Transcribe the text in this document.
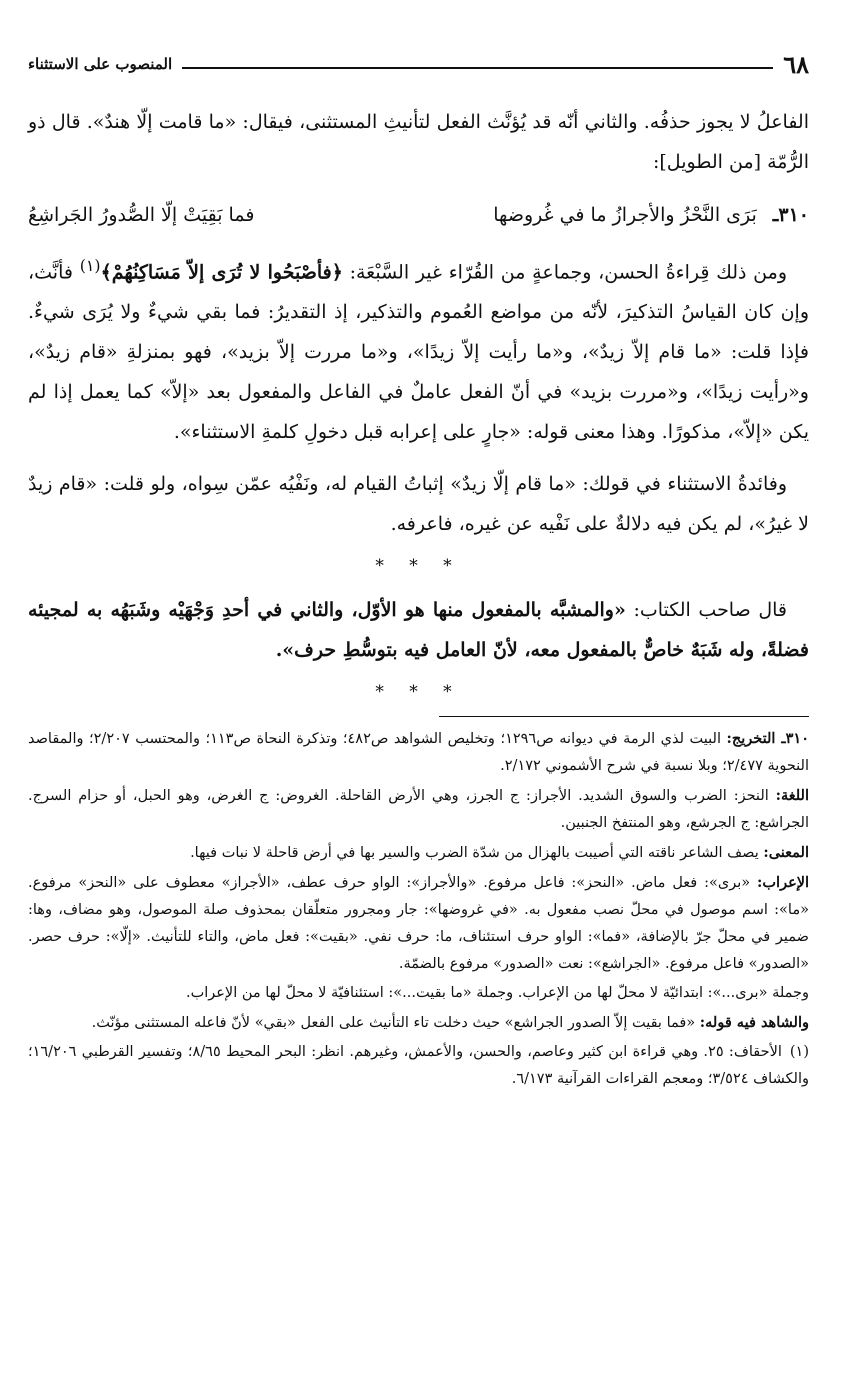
٦٨
المنصوب على الاستثناء

الفاعلُ لا يجوز حذفُه. والثاني أنّه قد يُؤنَّث الفعل لتأنيثِ المستثنى، فيقال: «ما قامت إلّا هندٌ». قال ذو الرُّمّة [من الطويل]:

٣١٠ـ
بَرَى النَّحْزُ والأجرازُ ما في غُروضها
فما بَقِيَتْ إلّا الصُّدورُ الجَراشِعُ

ومن ذلك قِراءةُ الحسن، وجماعةٍ من القُرّاء غير السَّبْعَة: ﴿فأصْبَحُوا لا تُرَى إلاّ مَسَاكِنُهُمْ﴾$^{(١)}$ فأنَّث، وإن كان القياسُ التذكيرَ، لأنّه من مواضع العُموم والتذكير، إذ التقديرُ: فما بقي شيءٌ ولا يُرَى شيءٌ. فإذا قلت: «ما قام إلاّ زيدٌ»، و«ما رأيت إلاّ زيدًا»، و«ما مررت إلاّ بزيد»، فهو بمنزلةِ «قام زيدٌ»، و«رأيت زيدًا»، و«مررت بزيد» في أنّ الفعل عاملٌ في الفاعل والمفعول بعد «إلاّ» كما يعمل إذا لم يكن «إلاّ»، مذكورًا. وهذا معنى قوله: «جارٍ على إعرابه قبل دخولِ كلمةِ الاستثناء».

وفائدةُ الاستثناء في قولك: «ما قام إلّا زيدٌ» إثباتُ القيام له، ونَفْيُه عمّن سِواه، ولو قلت: «قام زيدٌ لا غيرُ»، لم يكن فيه دلالةٌ على نَفْيه عن غيره، فاعرفه.

* * *

قال صاحب الكتاب: «والمشبَّه بالمفعول منها هو الأوّل، والثاني في أحدِ وَجْهَيْه وشَبَهُه به لمجيئه فضلةً، وله شَبَهٌ خاصٌّ بالمفعول معه، لأنّ العامل فيه بتوسُّطِ حرف».

* * *

٣١٠ـ التخريج: البيت لذي الرمة في ديوانه ص١٢٩٦؛ وتخليص الشواهد ص٤٨٢؛ وتذكرة النحاة ص١١٣؛ والمحتسب ٢/٢٠٧؛ والمقاصد النحوية ٢/٤٧٧؛ وبلا نسبة في شرح الأشموني ٢/١٧٢.

اللغة: النحز: الضرب والسوق الشديد. الأجراز: ج الجرز، وهي الأرض القاحلة. الغروض: ج الغرض، وهو الحبل، أو حزام السرج. الجراشع: ج الجرشع، وهو المنتفخ الجنبين.

المعنى: يصف الشاعر ناقته التي أصيبت بالهزال من شدّة الضرب والسير بها في أرض قاحلة لا نبات فيها.

الإعراب: «برى»: فعل ماض. «النحز»: فاعل مرفوع. «والأجراز»: الواو حرف عطف، «الأجراز» معطوف على «النحز» مرفوع. «ما»: اسم موصول في محلّ نصب مفعول به. «في غروضها»: جار ومجرور متعلّقان بمحذوف صلة الموصول، وهو مضاف، وها: ضمير في محلّ جرّ بالإضافة، «فما»: الواو حرف استئناف، ما: حرف نفي. «بقيت»: فعل ماض، والتاء للتأنيث. «إلّا»: حرف حصر. «الصدور» فاعل مرفوع. «الجراشع»: نعت «الصدور» مرفوع بالضمّة.

وجملة «برى...»: ابتدائيّة لا محلّ لها من الإعراب. وجملة «ما بقيت...»: استئنافيّة لا محلّ لها من الإعراب.

والشاهد فيه قوله: «فما بقيت إلاّ الصدور الجراشع» حيث دخلت تاء التأنيث على الفعل «بقي» لأنّ فاعله المستثنى مؤنّث.

(١)الأحقاف: ٢٥. وهي قراءة ابن كثير وعاصم، والحسن، والأعمش، وغيرهم. انظر: البحر المحيط ٨/٦٥؛ وتفسير القرطبي ١٦/٢٠٦؛ والكشاف ٣/٥٢٤؛ ومعجم القراءات القرآنية ٦/١٧٣.
